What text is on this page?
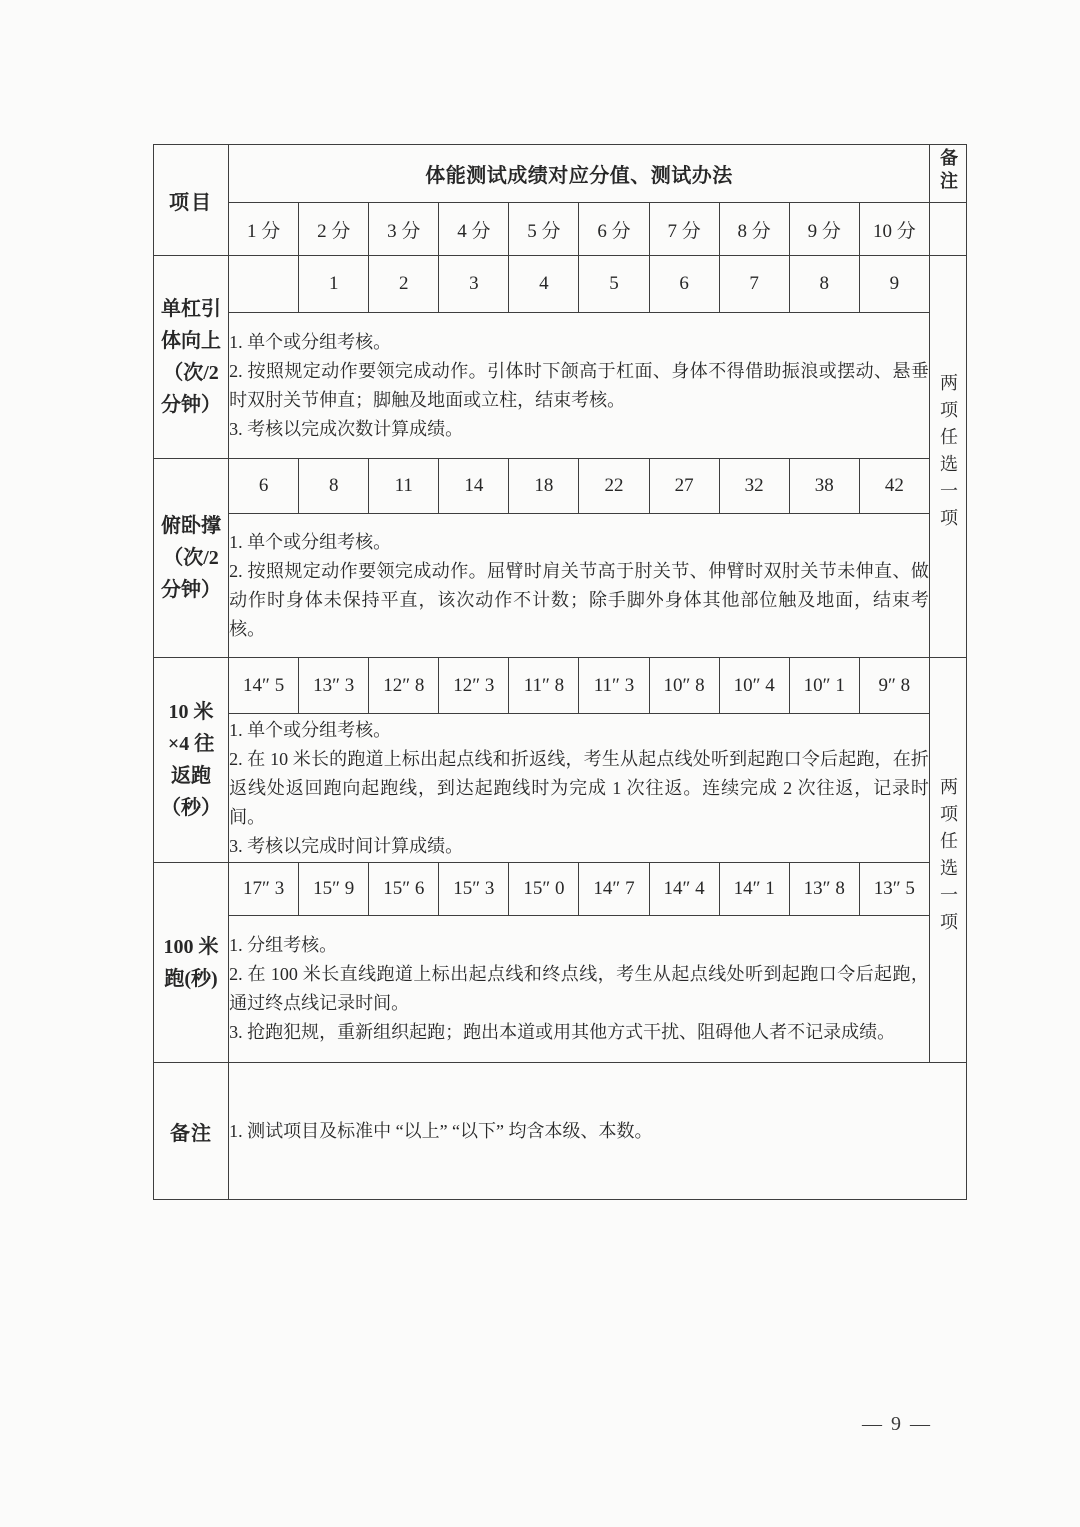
项目	体能测试成绩对应分值、测试办法										备注
	1 分	2 分	3 分	4 分	5 分	6 分	7 分	8 分	9 分	10 分	

单杠引
体向上
（次/2
分钟）		1	2	3	4	5	6	7	8	9	两项任选一项

	1. 单个或分组考核。

2. 按照规定动作要领完成动作。引体时下颌高于杠面、身体不得借助振浪或摆动、悬垂时双肘关节伸直；脚触及地面或立柱，结束考核。

3. 考核以完成次数计算成绩。										

俯卧撑
（次/2
分钟）	6	8	11	14	18	22	27	32	38	42	

	1. 单个或分组考核。

2. 按照规定动作要领完成动作。屈臂时肩关节高于肘关节、伸臂时双肘关节未伸直、做动作时身体未保持平直，该次动作不计数；除手脚外身体其他部位触及地面，结束考核。										

10 米
×4 往
返跑
（秒）	14″ 5	13″ 3	12″ 8	12″ 3	11″ 8	11″ 3	10″ 8	10″ 4	10″ 1	9″ 8	两项任选一项

	1. 单个或分组考核。

2. 在 10 米长的跑道上标出起点线和折返线，考生从起点线处听到起跑口令后起跑，在折返线处返回跑向起跑线，到达起跑线时为完成 1 次往返。连续完成 2 次往返，记录时间。

3. 考核以完成时间计算成绩。										

100 米
跑(秒)	17″ 3	15″ 9	15″ 6	15″ 3	15″ 0	14″ 7	14″ 4	14″ 1	13″ 8	13″ 5	

	1. 分组考核。

2. 在 100 米长直线跑道上标出起点线和终点线，考生从起点线处听到起跑口令后起跑，通过终点线记录时间。

3. 抢跑犯规，重新组织起跑；跑出本道或用其他方式干扰、阻碍他人者不记录成绩。										

备注	1. 测试项目及标准中 “以上” “以下” 均含本级、本数。										

— 9 —
